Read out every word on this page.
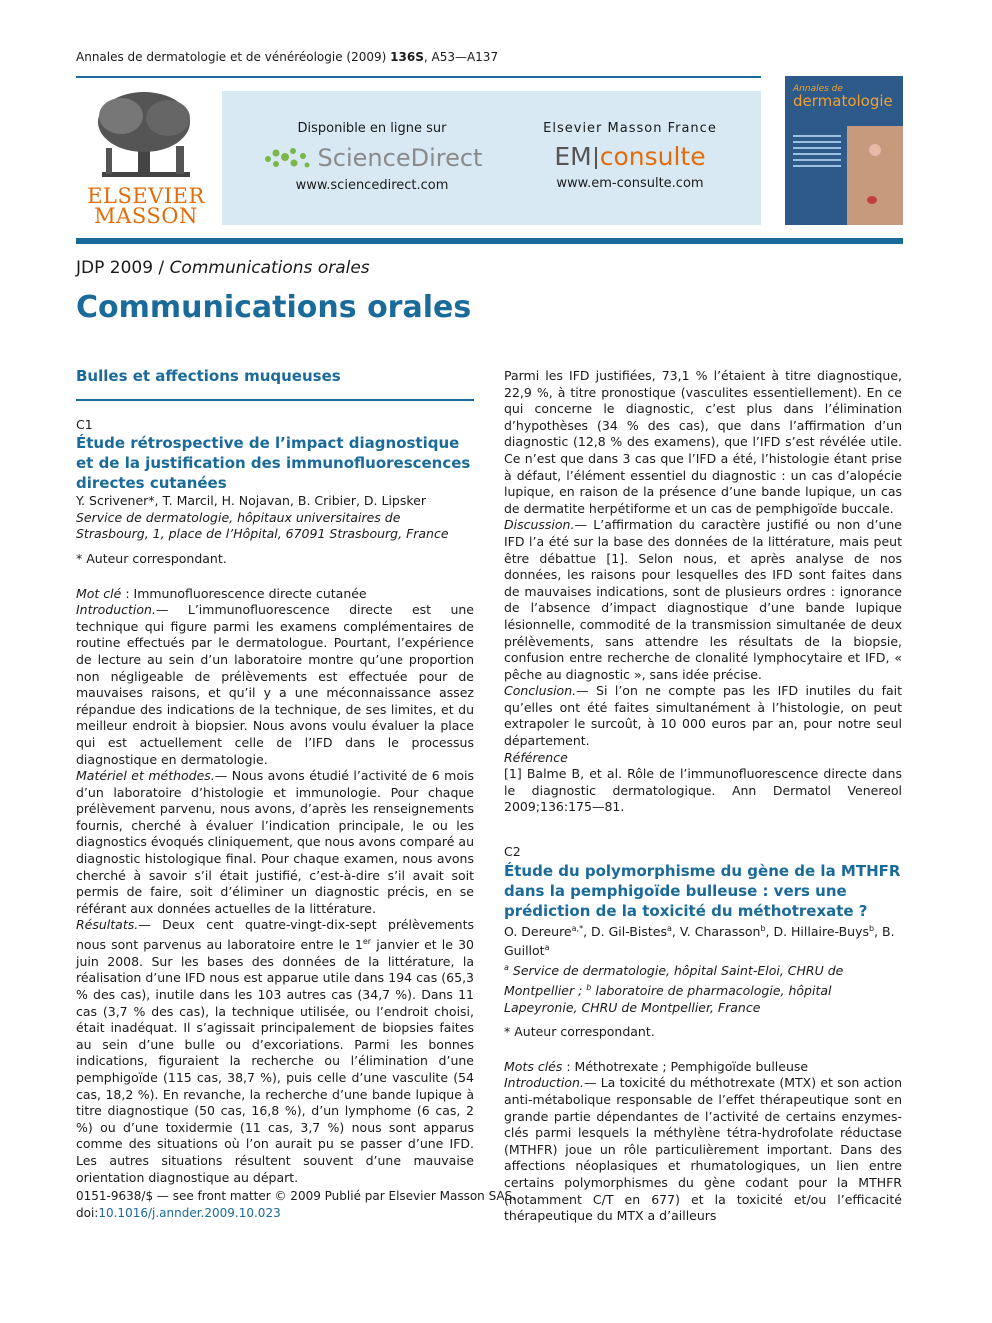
Annales de dermatologie et de vénéréologie (2009) 136S, A53—A137
ELSEVIER
MASSON
Disponible en ligne sur
ScienceDirect
www.sciencedirect.com
Elsevier Masson France
EM consulte
www.em-consulte.com
Annales de
dermatologie
JDP 2009 / Communications orales
Communications orales
Bulles et affections muqueuses
C1
Étude rétrospective de l’impact diagnostique et de la justification des immunofluorescences directes cutanées
Y. Scrivener*, T. Marcil, H. Nojavan, B. Cribier, D. Lipsker

Service de dermatologie, hôpitaux universitaires de Strasbourg, 1, place de l’Hôpital, 67091 Strasbourg, France

* Auteur correspondant.
Mot clé : Immunofluorescence directe cutanée

Introduction.— L’immunofluorescence directe est une technique qui figure parmi les examens complémentaires de routine effectués par le dermatologue. Pourtant, l’expérience de lecture au sein d’un laboratoire montre qu’une proportion non négligeable de prélèvements est effectuée pour de mauvaises raisons, et qu’il y a une méconnaissance assez répandue des indications de la technique, de ses limites, et du meilleur endroit à biopsier. Nous avons voulu évaluer la place qui est actuellement celle de l’IFD dans le processus diagnostique en dermatologie.

Matériel et méthodes.— Nous avons étudié l’activité de 6 mois d’un laboratoire d’histologie et immunologie. Pour chaque prélèvement parvenu, nous avons, d’après les renseignements fournis, cherché à évaluer l’indication principale, le ou les diagnostics évoqués cliniquement, que nous avons comparé au diagnostic histologique final. Pour chaque examen, nous avons cherché à savoir s’il était justifié, c’est-à-dire s’il avait soit permis de faire, soit d’éliminer un diagnostic précis, en se référant aux données actuelles de la littérature.

Résultats.— Deux cent quatre-vingt-dix-sept prélèvements nous sont parvenus au laboratoire entre le 1er janvier et le 30 juin 2008. Sur les bases des données de la littérature, la réalisation d’une IFD nous est apparue utile dans 194 cas (65,3 % des cas), inutile dans les 103 autres cas (34,7 %). Dans 11 cas (3,7 % des cas), la technique utilisée, ou l’endroit choisi, était inadéquat. Il s’agissait principalement de biopsies faites au sein d’une bulle ou d’excoriations. Parmi les bonnes indications, figuraient la recherche ou l’élimination d’une pemphigoïde (115 cas, 38,7 %), puis celle d’une vasculite (54 cas, 18,2 %). En revanche, la recherche d’une bande lupique à titre diagnostique (50 cas, 16,8 %), d’un lymphome (6 cas, 2 %) ou d’une toxidermie (11 cas, 3,7 %) nous sont apparus comme des situations où l’on aurait pu se passer d’une IFD. Les autres situations résultent souvent d’une mauvaise orientation diagnostique au départ.

Parmi les IFD justifiées, 73,1 % l’étaient à titre diagnostique, 22,9 %, à titre pronostique (vasculites essentiellement). En ce qui concerne le diagnostic, c’est plus dans l’élimination d’hypothèses (34 % des cas), que dans l’affirmation d’un diagnostic (12,8 % des examens), que l’IFD s’est révélée utile. Ce n’est que dans 3 cas que l’IFD a été, l’histologie étant prise à défaut, l’élément essentiel du diagnostic : un cas d’alopécie lupique, en raison de la présence d’une bande lupique, un cas de dermatite herpétiforme et un cas de pemphigoïde buccale.

Discussion.— L’affirmation du caractère justifié ou non d’une IFD l’a été sur la base des données de la littérature, mais peut être débattue [1]. Selon nous, et après analyse de nos données, les raisons pour lesquelles des IFD sont faites dans de mauvaises indications, sont de plusieurs ordres : ignorance de l’absence d’impact diagnostique d’une bande lupique lésionnelle, commodité de la transmission simultanée de deux prélèvements, sans attendre les résultats de la biopsie, confusion entre recherche de clonalité lymphocytaire et IFD, « pêche au diagnostic », sans idée précise.

Conclusion.— Si l’on ne compte pas les IFD inutiles du fait qu’elles ont été faites simultanément à l’histologie, on peut extrapoler le surcoût, à 10 000 euros par an, pour notre seul département.

Référence

[1] Balme B, et al. Rôle de l’immunofluorescence directe dans le diagnostic dermatologique. Ann Dermatol Venereol 2009;136:175—81.

C2
Étude du polymorphisme du gène de la MTHFR dans la pemphigoïde bulleuse : vers une prédiction de la toxicité du méthotrexate ?
O. Dereure$^{a,*}$, D. Gil-Bistes$^a$, V. Charasson$^b$, D. Hillaire-Buys$^b$, B. Guillot$^a$

$^a$ Service de dermatologie, hôpital Saint-Eloi, CHRU de Montpellier ; $^b$ laboratoire de pharmacologie, hôpital Lapeyronie, CHRU de Montpellier, France

* Auteur correspondant.
Mots clés : Méthotrexate ; Pemphigoïde bulleuse

Introduction.— La toxicité du méthotrexate (MTX) et son action anti-métabolique responsable de l’effet thérapeutique sont en grande partie dépendantes de l’activité de certains enzymes-clés parmi lesquels la méthylène tétra-hydrofolate réductase (MTHFR) joue un rôle particulièrement important. Dans des affections néoplasiques et rhumatologiques, un lien entre certains polymorphismes du gène codant pour la MTHFR (notamment C/T en 677) et la toxicité et/ou l’efficacité thérapeutique du MTX a d’ailleurs

0151-9638/$ — see front matter © 2009 Publié par Elsevier Masson SAS.
doi:10.1016/j.annder.2009.10.023
